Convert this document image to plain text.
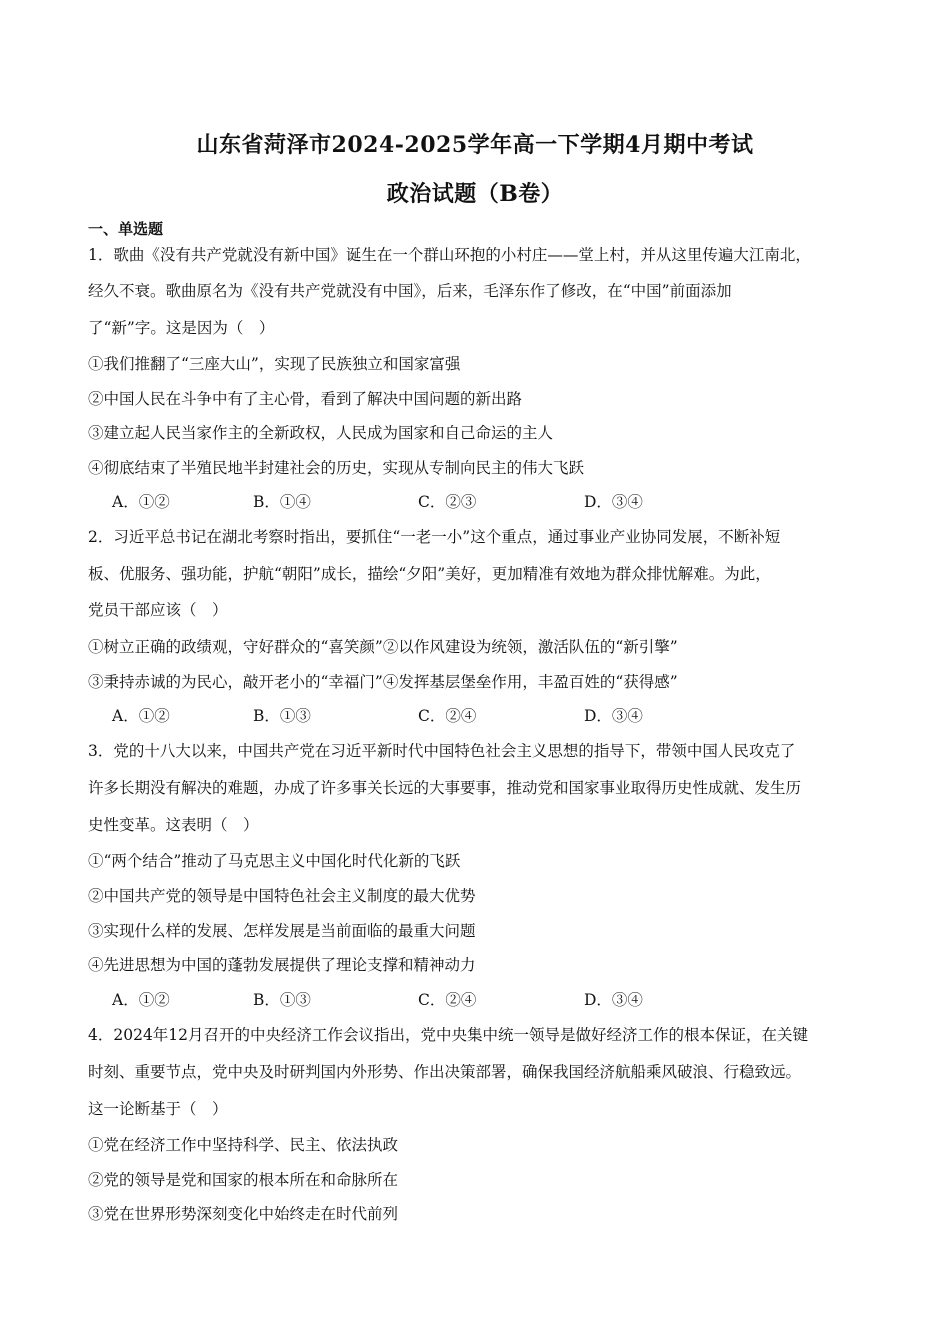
山东省菏泽市2024-2025学年高一下学期4月期中考试
政治试题（B卷）
一、单选题

1．歌曲《没有共产党就没有新中国》诞生在一个群山环抱的小村庄——堂上村，并从这里传遍大江南北，

经久不衰。歌曲原名为《没有共产党就没有中国》，后来，毛泽东作了修改，在“中国”前面添加

了“新”字。这是因为（　）

①我们推翻了“三座大山”，实现了民族独立和国家富强

②中国人民在斗争中有了主心骨，看到了解决中国问题的新出路

③建立起人民当家作主的全新政权，人民成为国家和自己命运的主人

④彻底结束了半殖民地半封建社会的历史，实现从专制向民主的伟大飞跃

A．①②	B．①④	C．②③	D．③④

2．习近平总书记在湖北考察时指出，要抓住“一老一小”这个重点，通过事业产业协同发展，不断补短

板、优服务、强功能，护航“朝阳”成长，描绘“夕阳”美好，更加精准有效地为群众排忧解难。为此，

党员干部应该（　）

①树立正确的政绩观，守好群众的“喜笑颜”②以作风建设为统领，激活队伍的“新引擎”

③秉持赤诚的为民心，敲开老小的“幸福门”④发挥基层堡垒作用，丰盈百姓的“获得感”

A．①②	B．①③	C．②④	D．③④

3．党的十八大以来，中国共产党在习近平新时代中国特色社会主义思想的指导下，带领中国人民攻克了

许多长期没有解决的难题，办成了许多事关长远的大事要事，推动党和国家事业取得历史性成就、发生历

史性变革。这表明（　）

①“两个结合”推动了马克思主义中国化时代化新的飞跃

②中国共产党的领导是中国特色社会主义制度的最大优势

③实现什么样的发展、怎样发展是当前面临的最重大问题

④先进思想为中国的蓬勃发展提供了理论支撑和精神动力

A．①②	B．①③	C．②④	D．③④

4．2024年12月召开的中央经济工作会议指出，党中央集中统一领导是做好经济工作的根本保证，在关键

时刻、重要节点，党中央及时研判国内外形势、作出决策部署，确保我国经济航船乘风破浪、行稳致远。

这一论断基于（　）

①党在经济工作中坚持科学、民主、依法执政

②党的领导是党和国家的根本所在和命脉所在

③党在世界形势深刻变化中始终走在时代前列
